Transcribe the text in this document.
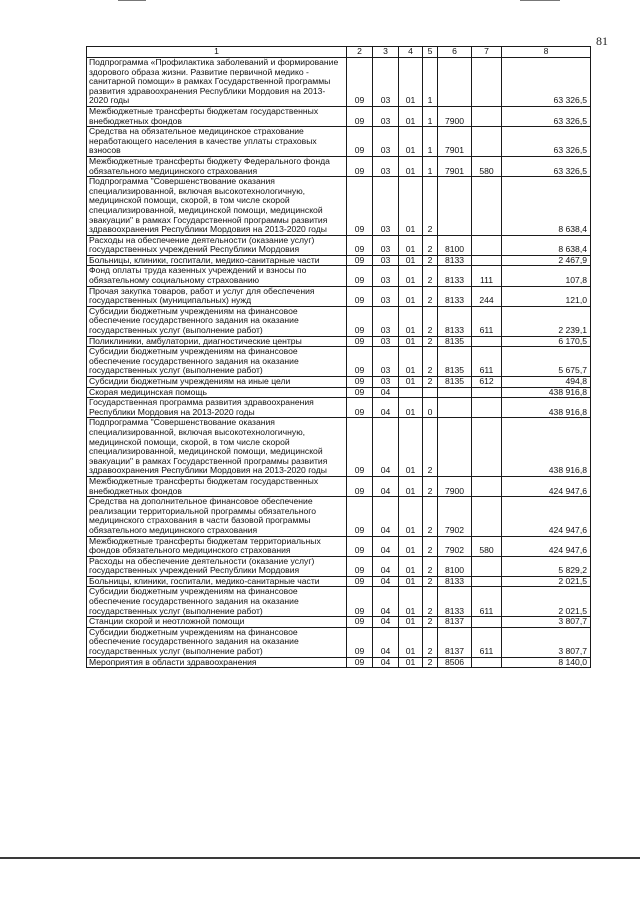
81
1	2	3	4	5	6	7	8
Подпрограмма «Профилактика заболеваний и формирование здорового образа жизни. Развитие первичной медико - санитарной помощи» в рамках Государственной программы развития здравоохранения Республики Мордовия на 2013-2020 годы	09	03	01	1			63 326,5
Межбюджетные трансферты бюджетам государственных внебюджетных фондов	09	03	01	1	7900		63 326,5
Средства на обязательное медицинское страхование неработающего населения в качестве уплаты страховых взносов	09	03	01	1	7901		63 326,5
Межбюджетные трансферты бюджету Федерального фонда обязательного медицинского страхования	09	03	01	1	7901	580	63 326,5
Подпрограмма "Совершенствование оказания специализированной, включая высокотехнологичную, медицинской помощи, скорой, в том числе скорой специализированной, медицинской помощи, медицинской эвакуации" в рамках Государственной программы развития здравоохранения Республики Мордовия на 2013-2020 годы	09	03	01	2			8 638,4
Расходы на обеспечение деятельности (оказание услуг) государственных учреждений Республики Мордовия	09	03	01	2	8100		8 638,4
Больницы, клиники, госпитали, медико-санитарные части	09	03	01	2	8133		2 467,9
Фонд оплаты труда казенных учреждений и взносы по обязательному социальному страхованию	09	03	01	2	8133	111	107,8
Прочая закупка товаров, работ и услуг для обеспечения государственных (муниципальных) нужд	09	03	01	2	8133	244	121,0
Субсидии бюджетным учреждениям на финансовое обеспечение государственного задания на оказание государственных услуг (выполнение работ)	09	03	01	2	8133	611	2 239,1
Поликлиники, амбулатории, диагностические центры	09	03	01	2	8135		6 170,5
Субсидии бюджетным учреждениям на финансовое обеспечение государственного задания на оказание государственных услуг (выполнение работ)	09	03	01	2	8135	611	5 675,7
Субсидии бюджетным учреждениям на иные цели	09	03	01	2	8135	612	494,8
Скорая медицинская помощь	09	04					438 916,8
Государственная программа развития здравоохранения Республики Мордовия на 2013-2020 годы	09	04	01	0			438 916,8
Подпрограмма "Совершенствование оказания специализированной, включая высокотехнологичную, медицинской помощи, скорой, в том числе скорой специализированной, медицинской помощи, медицинской эвакуации" в рамках Государственной программы развития здравоохранения Республики Мордовия на 2013-2020 годы	09	04	01	2			438 916,8
Межбюджетные трансферты бюджетам государственных внебюджетных фондов	09	04	01	2	7900		424 947,6
Средства на дополнительное финансовое обеспечение реализации территориальной программы обязательного медицинского страхования в части базовой программы обязательного медицинского страхования	09	04	01	2	7902		424 947,6
Межбюджетные трансферты бюджетам территориальных фондов обязательного медицинского страхования	09	04	01	2	7902	580	424 947,6
Расходы на обеспечение деятельности (оказание услуг) государственных учреждений Республики Мордовия	09	04	01	2	8100		5 829,2
Больницы, клиники, госпитали, медико-санитарные части	09	04	01	2	8133		2 021,5
Субсидии бюджетным учреждениям на финансовое обеспечение государственного задания на оказание государственных услуг (выполнение работ)	09	04	01	2	8133	611	2 021,5
Станции скорой и неотложной помощи	09	04	01	2	8137		3 807,7
Субсидии бюджетным учреждениям на финансовое обеспечение государственного задания на оказание государственных услуг (выполнение работ)	09	04	01	2	8137	611	3 807,7
Мероприятия в области здравоохранения	09	04	01	2	8506		8 140,0
